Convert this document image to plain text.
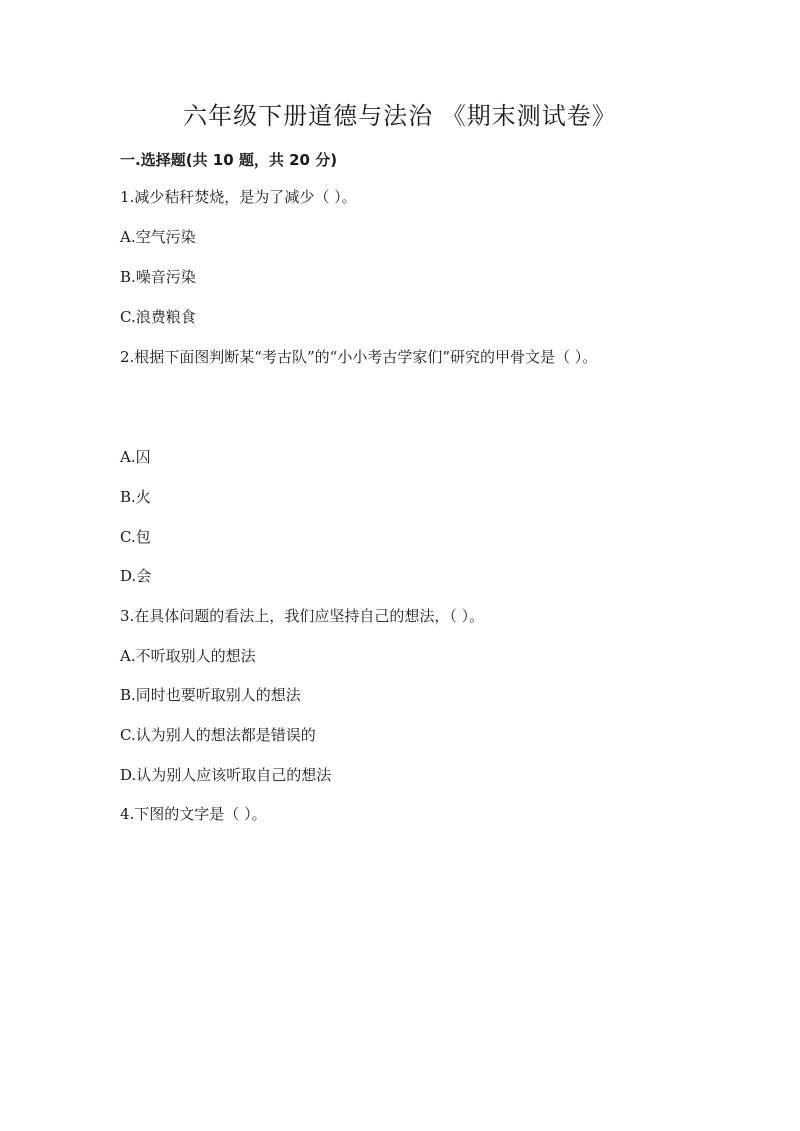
六年级下册道德与法治 《期末测试卷》
一.选择题(共 10 题，共 20 分)
1.减少秸秆焚烧，是为了减少（ ）。
A.空气污染
B.噪音污染
C.浪费粮食
2.根据下面图判断某“考古队”的“小小考古学家们”研究的甲骨文是（ ）。
A.囚
B.火
C.包
D.会
3.在具体问题的看法上，我们应坚持自己的想法，（ ）。
A.不听取别人的想法
B.同时也要听取别人的想法
C.认为别人的想法都是错误的
D.认为别人应该听取自己的想法
4.下图的文字是（ ）。
